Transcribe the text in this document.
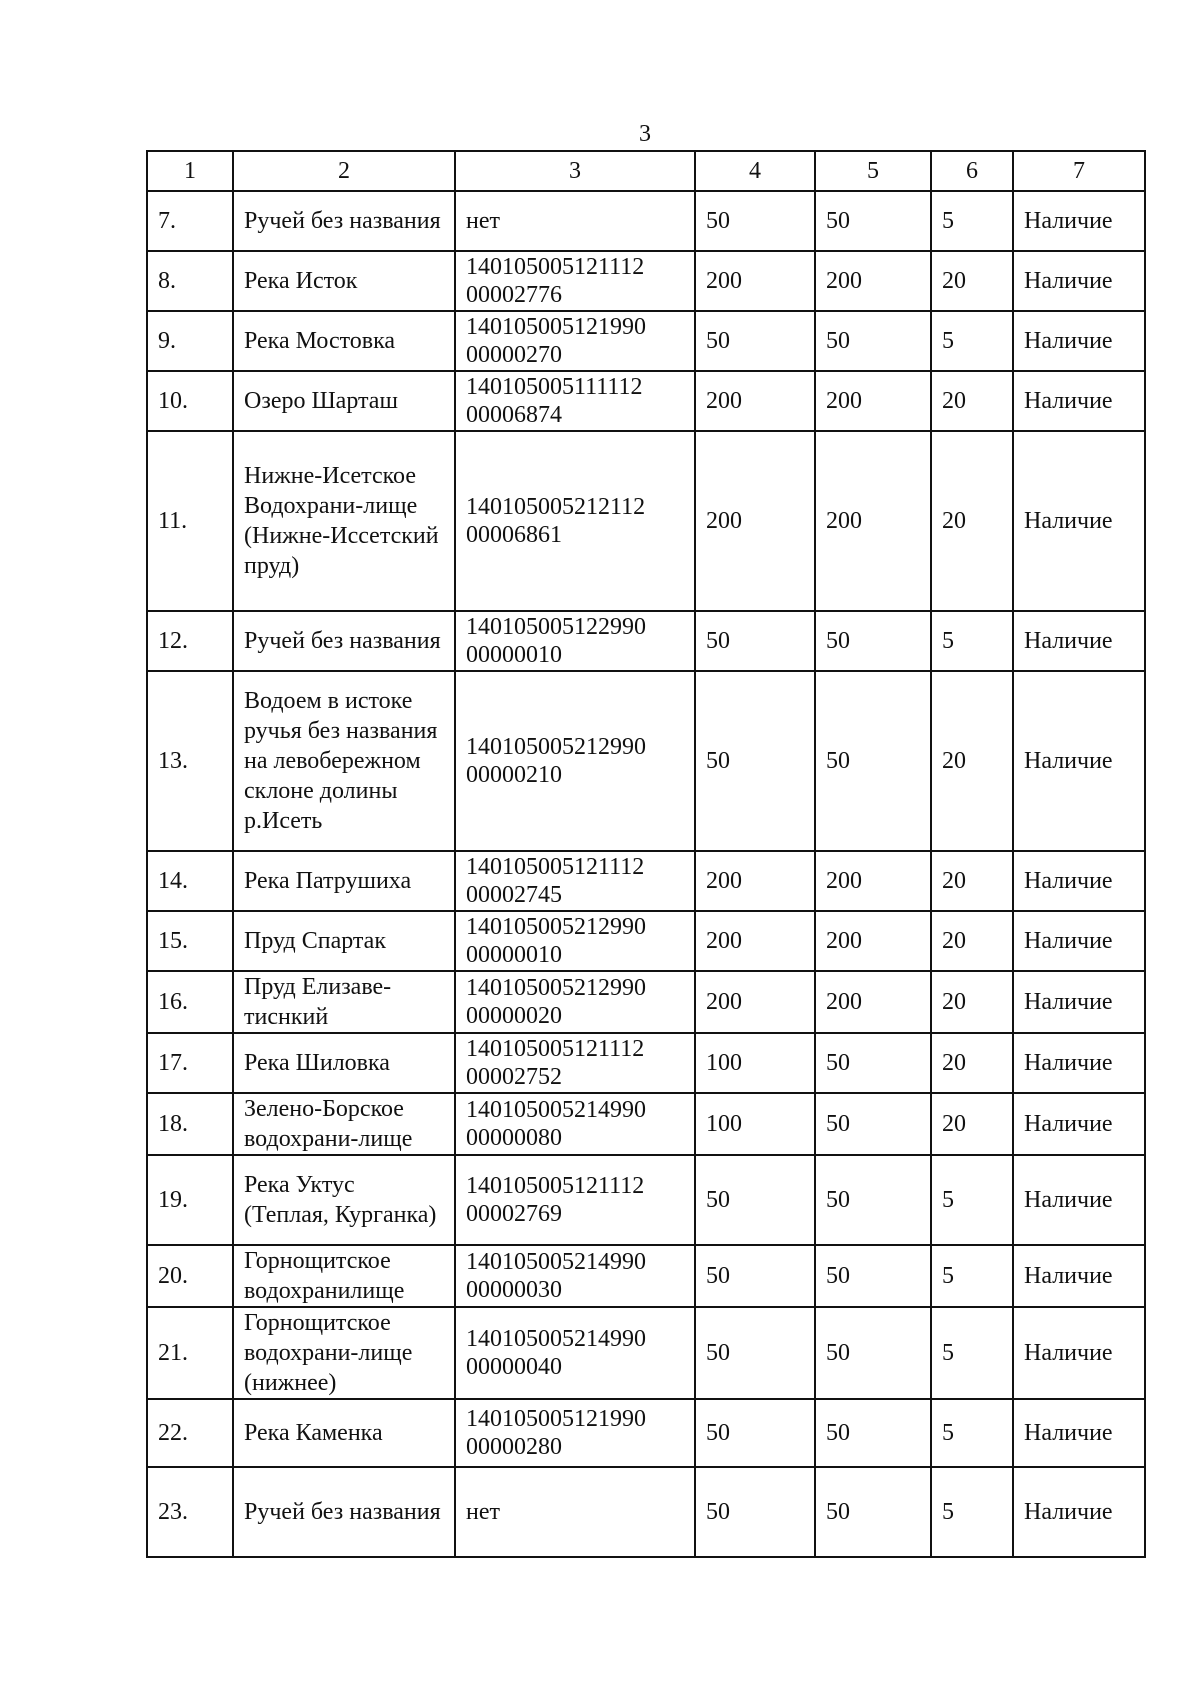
3
1	2	3	4	5	6	7
7.	Ручей без названия	нет	50	50	5	Наличие
8.	Река Исток	140105005121112 00002776	200	200	20	Наличие
9.	Река Мостовка	140105005121990 00000270	50	50	5	Наличие
10.	Озеро Шарташ	140105005111112 00006874	200	200	20	Наличие
11.	Нижне-Исетское Водохрани-лище (Нижне-Иссетский пруд)	140105005212112 00006861	200	200	20	Наличие
12.	Ручей без названия	140105005122990 00000010	50	50	5	Наличие
13.	Водоем в истоке ручья без названия на левобережном склоне долины р.Исеть	140105005212990 00000210	50	50	20	Наличие
14.	Река Патрушиха	140105005121112 00002745	200	200	20	Наличие
15.	Пруд Спартак	140105005212990 00000010	200	200	20	Наличие
16.	Пруд Елизаве-тиснкий	140105005212990 00000020	200	200	20	Наличие
17.	Река Шиловка	140105005121112 00002752	100	50	20	Наличие
18.	Зелено-Борское водохрани-лище	140105005214990 00000080	100	50	20	Наличие
19.	Река Уктус (Теплая, Курганка)	140105005121112 00002769	50	50	5	Наличие
20.	Горнощитское водохранилище	140105005214990 00000030	50	50	5	Наличие
21.	Горнощитское водохрани-лище (нижнее)	140105005214990 00000040	50	50	5	Наличие
22.	Река Каменка	140105005121990 00000280	50	50	5	Наличие
23.	Ручей без названия	нет	50	50	5	Наличие
